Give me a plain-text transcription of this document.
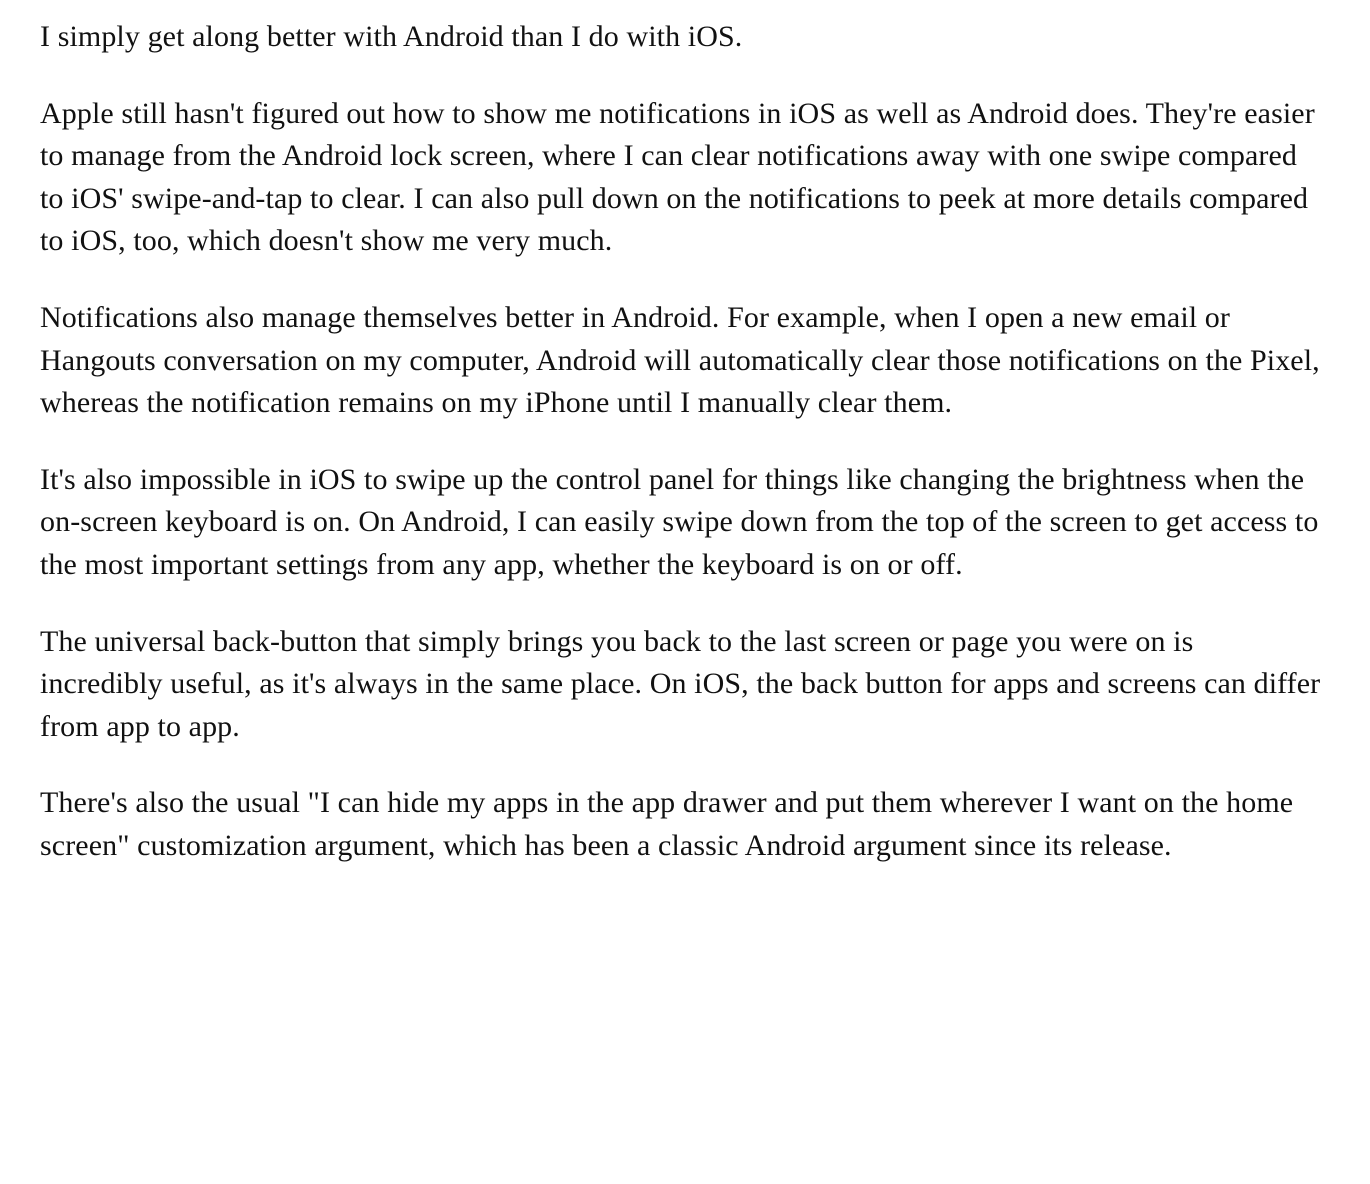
I simply get along better with Android than I do with iOS.

Apple still hasn't figured out how to show me notifications in iOS as well as Android does. They're easier to manage from the Android lock screen, where I can clear notifications away with one swipe compared to iOS' swipe-and-tap to clear. I can also pull down on the notifications to peek at more details compared to iOS, too, which doesn't show me very much.

Notifications also manage themselves better in Android. For example, when I open a new email or Hangouts conversation on my computer, Android will automatically clear those notifications on the Pixel, whereas the notification remains on my iPhone until I manually clear them.

It's also impossible in iOS to swipe up the control panel for things like changing the brightness when the on-screen keyboard is on. On Android, I can easily swipe down from the top of the screen to get access to the most important settings from any app, whether the keyboard is on or off.

The universal back-button that simply brings you back to the last screen or page you were on is incredibly useful, as it's always in the same place. On iOS, the back button for apps and screens can differ from app to app.

There's also the usual "I can hide my apps in the app drawer and put them wherever I want on the home screen" customization argument, which has been a classic Android argument since its release.
